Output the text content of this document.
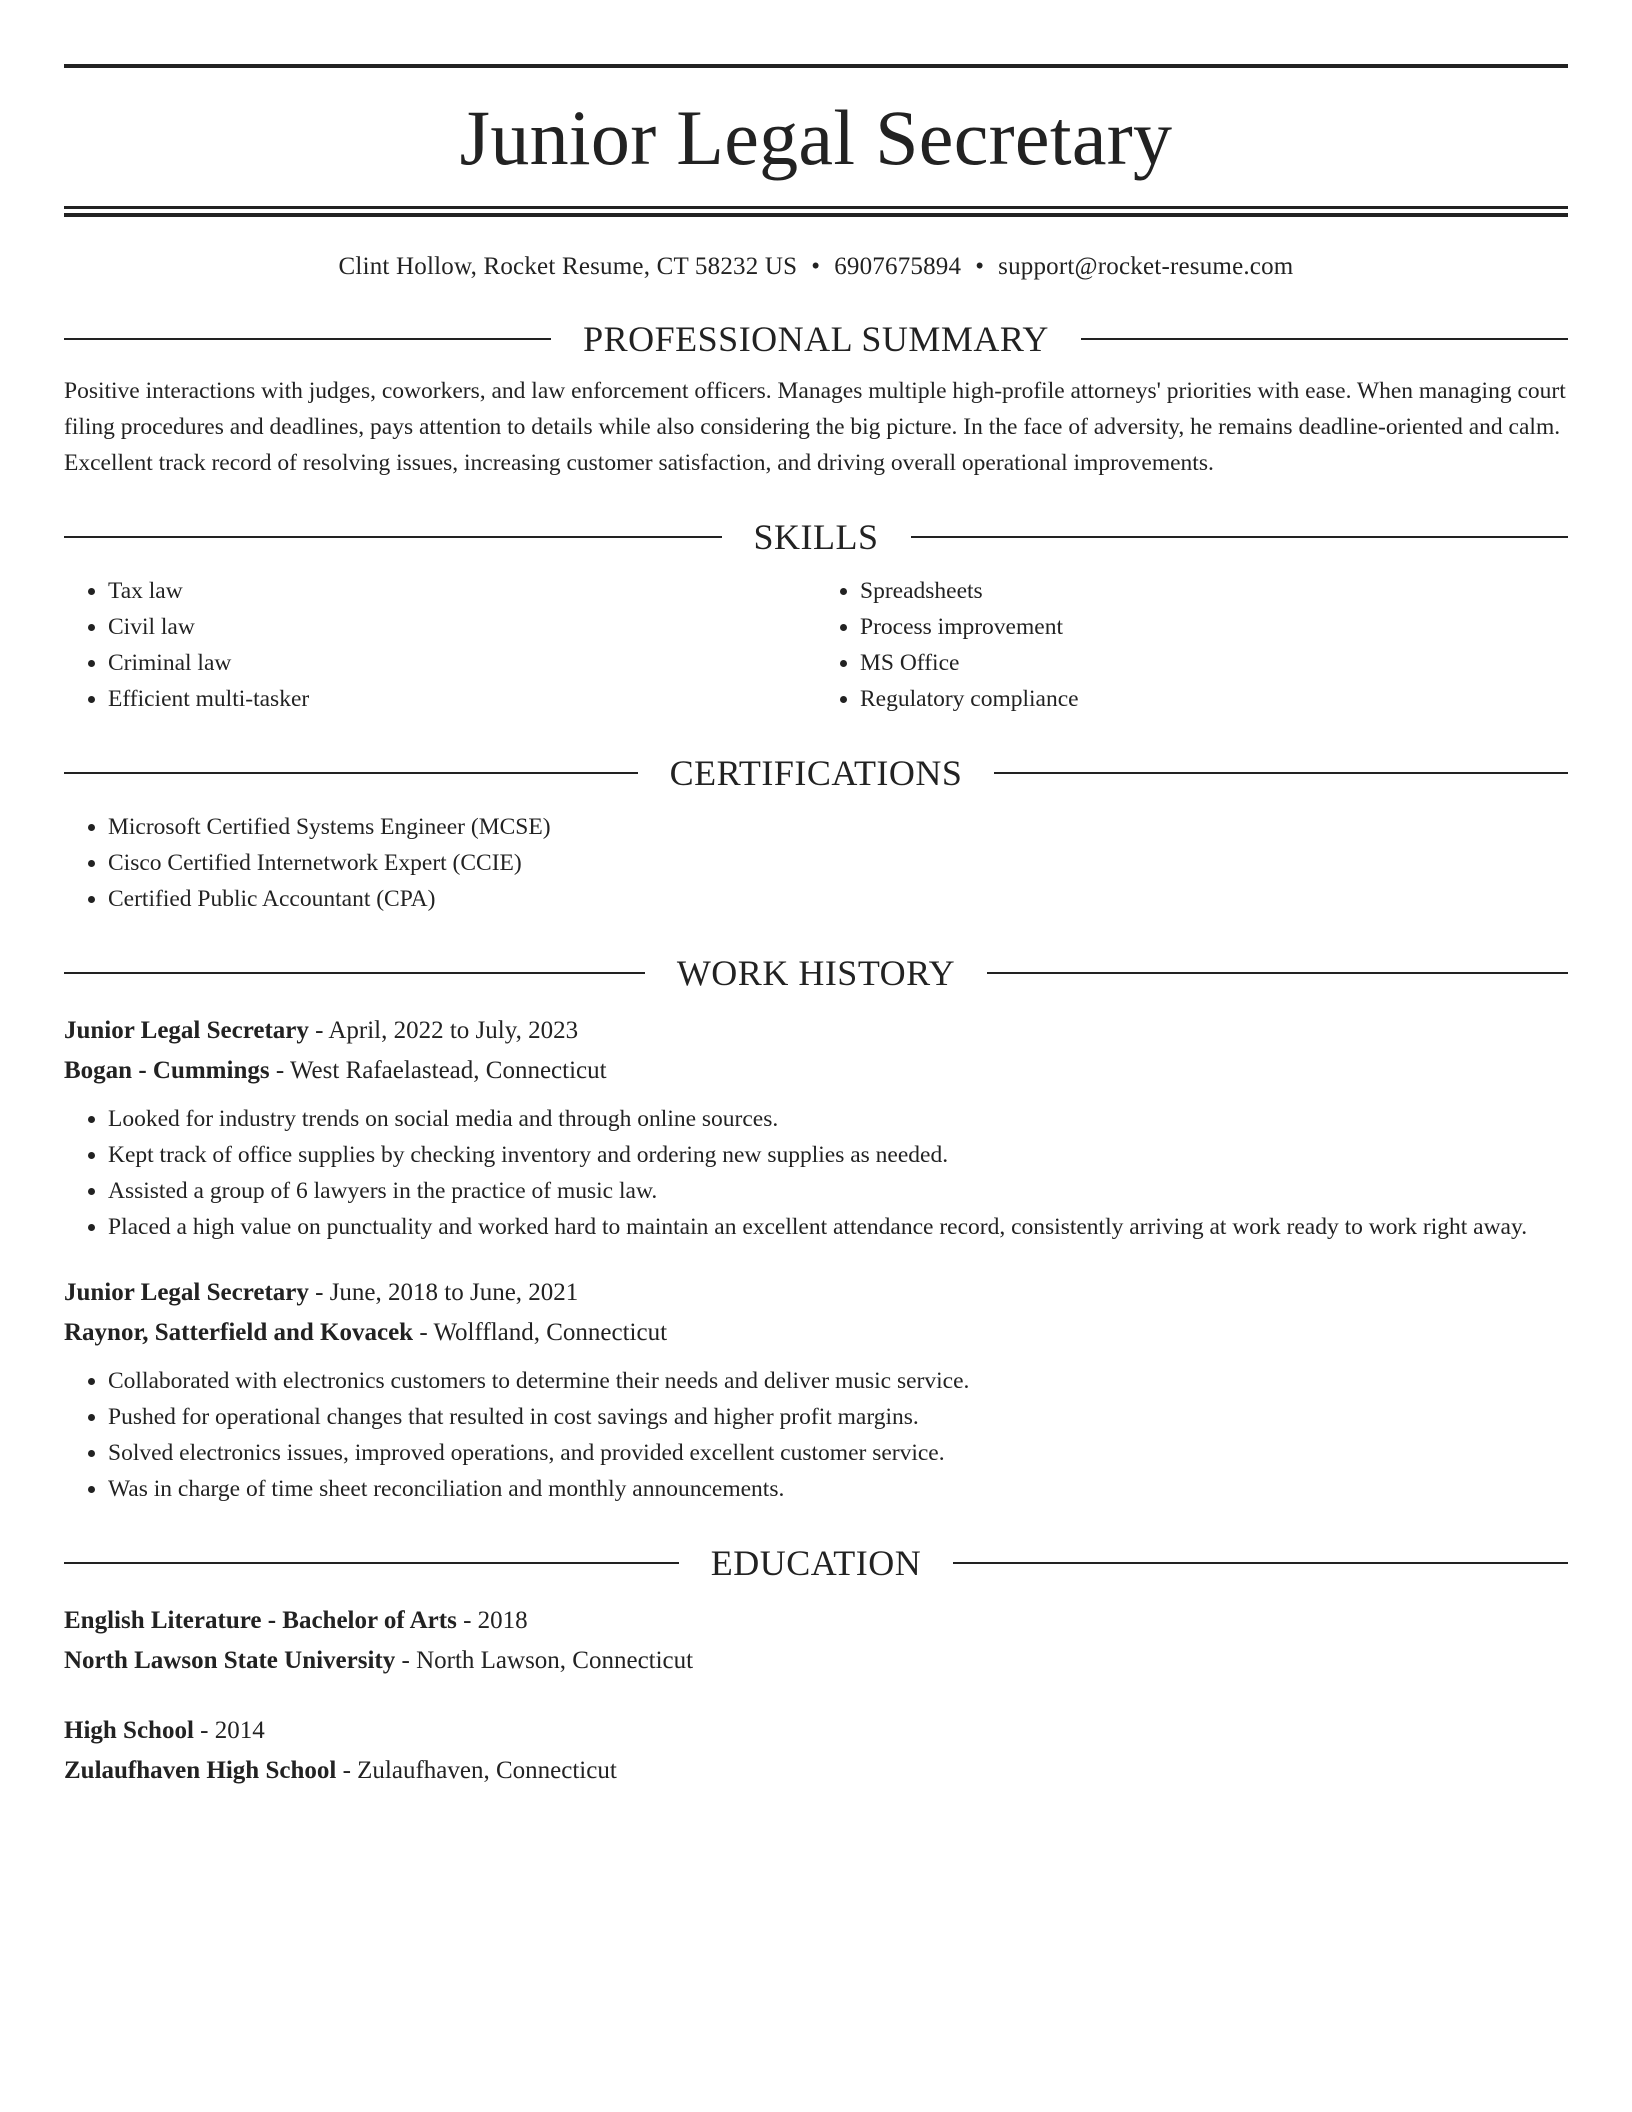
Junior Legal Secretary
Clint Hollow, Rocket Resume, CT 58232 US • 6907675894 • support@rocket-resume.com
PROFESSIONAL SUMMARY
Positive interactions with judges, coworkers, and law enforcement officers. Manages multiple high-profile attorneys' priorities with ease. When managing court filing procedures and deadlines, pays attention to details while also considering the big picture. In the face of adversity, he remains deadline-oriented and calm. Excellent track record of resolving issues, increasing customer satisfaction, and driving overall operational improvements.
SKILLS
• Tax law
• Civil law
• Criminal law
• Efficient multi-tasker
• Spreadsheets
• Process improvement
• MS Office
• Regulatory compliance
CERTIFICATIONS
• Microsoft Certified Systems Engineer (MCSE)
• Cisco Certified Internetwork Expert (CCIE)
• Certified Public Accountant (CPA)
WORK HISTORY
Junior Legal Secretary - April, 2022 to July, 2023
Bogan - Cummings - West Rafaelastead, Connecticut
• Looked for industry trends on social media and through online sources.
• Kept track of office supplies by checking inventory and ordering new supplies as needed.
• Assisted a group of 6 lawyers in the practice of music law.
• Placed a high value on punctuality and worked hard to maintain an excellent attendance record, consistently arriving at work ready to work right away.
Junior Legal Secretary - June, 2018 to June, 2021
Raynor, Satterfield and Kovacek - Wolffland, Connecticut
• Collaborated with electronics customers to determine their needs and deliver music service.
• Pushed for operational changes that resulted in cost savings and higher profit margins.
• Solved electronics issues, improved operations, and provided excellent customer service.
• Was in charge of time sheet reconciliation and monthly announcements.
EDUCATION
English Literature - Bachelor of Arts - 2018
North Lawson State University - North Lawson, Connecticut
High School - 2014
Zulaufhaven High School - Zulaufhaven, Connecticut
